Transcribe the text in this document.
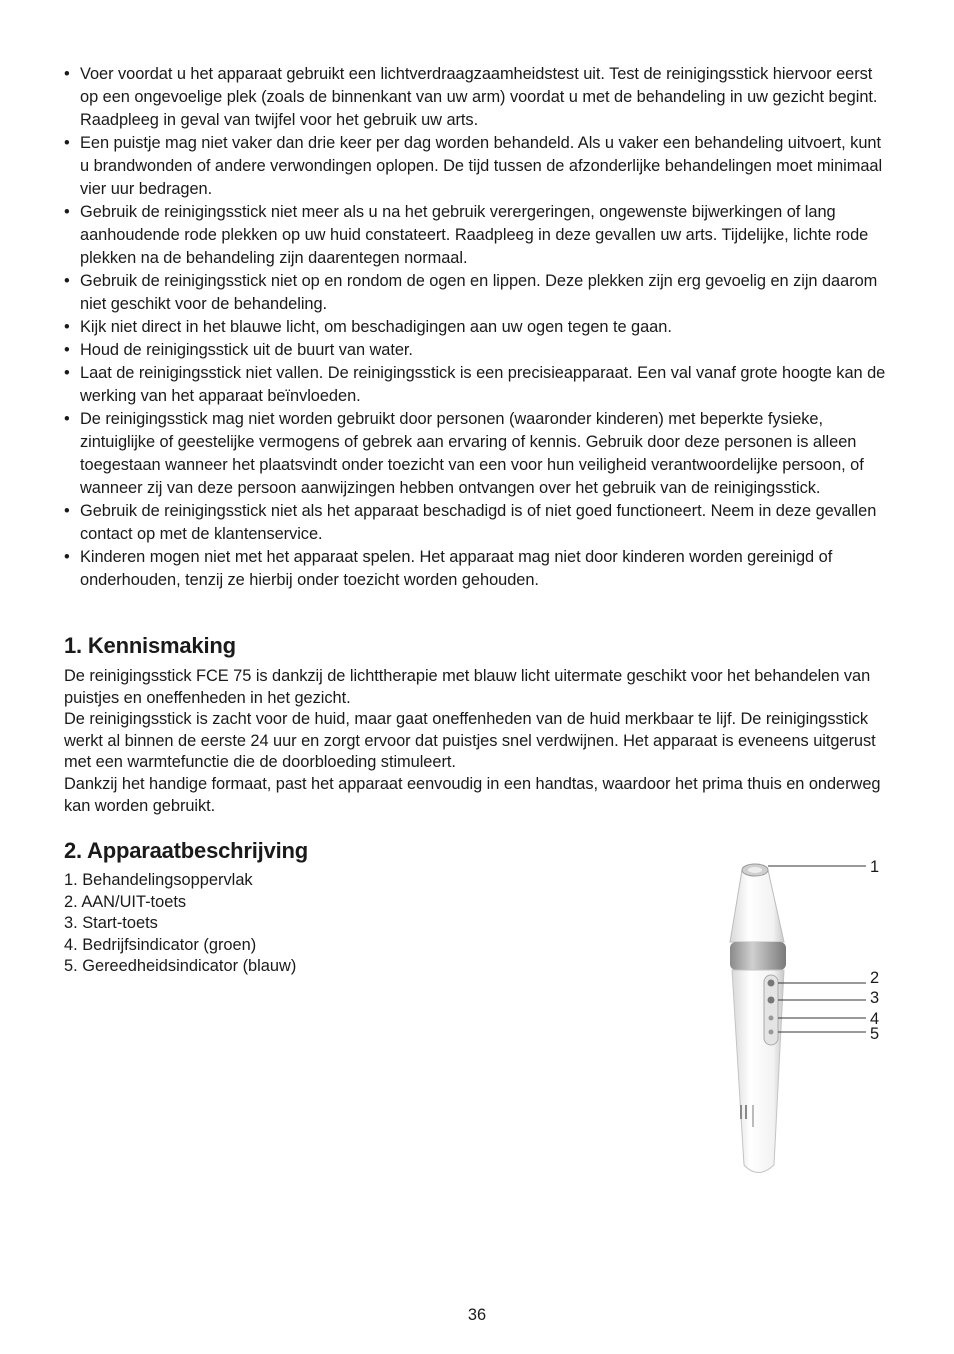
• Voer voordat u het apparaat gebruikt een lichtverdraagzaamheidstest uit. Test de reinigingsstick hiervoor eerst op een ongevoelige plek (zoals de binnenkant van uw arm) voordat u met de behandeling in uw gezicht begint. Raadpleeg in geval van twijfel voor het gebruik uw arts.
• Een puistje mag niet vaker dan drie keer per dag worden behandeld. Als u vaker een behandeling uitvoert, kunt u brandwonden of andere verwondingen oplopen. De tijd tussen de afzonderlijke behandelingen moet minimaal vier uur bedragen.
• Gebruik de reinigingsstick niet meer als u na het gebruik verergeringen, ongewenste bijwerkingen of lang aanhoudende rode plekken op uw huid constateert. Raadpleeg in deze gevallen uw arts. Tijdelijke, lichte rode plekken na de behandeling zijn daarentegen normaal.
• Gebruik de reinigingsstick niet op en rondom de ogen en lippen. Deze plekken zijn erg gevoelig en zijn daarom niet geschikt voor de behandeling.
• Kijk niet direct in het blauwe licht, om beschadigingen aan uw ogen tegen te gaan.
• Houd de reinigingsstick uit de buurt van water.
• Laat de reinigingsstick niet vallen. De reinigingsstick is een precisieapparaat. Een val vanaf grote hoogte kan de werking van het apparaat beïnvloeden.
• De reinigingsstick mag niet worden gebruikt door personen (waaronder kinderen) met beperkte fysieke, zintuiglijke of geestelijke vermogens of gebrek aan ervaring of kennis. Gebruik door deze personen is alleen toegestaan wanneer het plaatsvindt onder toezicht van een voor hun veiligheid verantwoordelijke persoon, of wanneer zij van deze persoon aanwijzingen hebben ontvangen over het gebruik van de reinigingsstick.
• Gebruik de reinigingsstick niet als het apparaat beschadigd is of niet goed functioneert. Neem in deze gevallen contact op met de klantenservice.
• Kinderen mogen niet met het apparaat spelen. Het apparaat mag niet door kinderen worden gereinigd of onderhouden, tenzij ze hierbij onder toezicht worden gehouden.
1. Kennismaking

De reinigingsstick FCE 75 is dankzij de lichttherapie met blauw licht uitermate geschikt voor het behandelen van puistjes en oneffenheden in het gezicht.
De reinigingsstick is zacht voor de huid, maar gaat oneffenheden van de huid merkbaar te lijf. De reinigingsstick werkt al binnen de eerste 24 uur en zorgt ervoor dat puistjes snel verdwijnen. Het apparaat is eveneens uitgerust met een warmtefunctie die de doorbloeding stimuleert.
Dankzij het handige formaat, past het apparaat eenvoudig in een handtas, waardoor het prima thuis en onderweg kan worden gebruikt.

2. Apparaatbeschrijving
1. Behandelingsoppervlak
2. AAN/UIT-toets
3. Start-toets
4. Bedrijfsindicator (groen)
5. Gereedheidsindicator (blauw)
1
2
3
4
5
36
